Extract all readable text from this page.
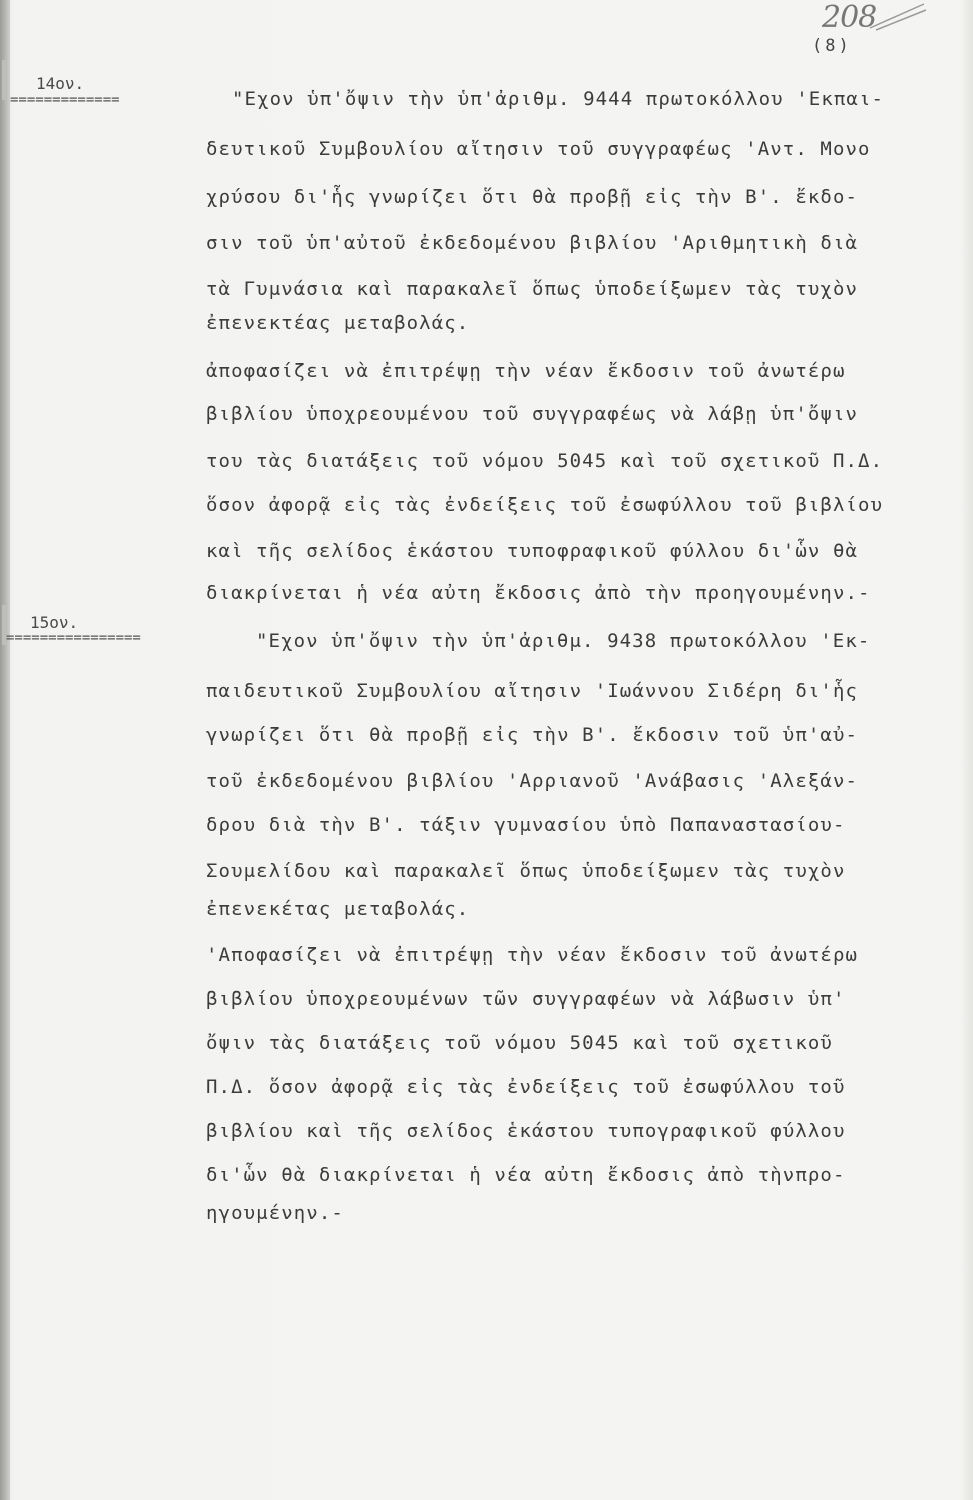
208
(8)
14ον.
=============	"Εχον ὑπ'ὄψιν τὴν ὑπ'ἀριθμ. 9444 πρωτοκόλλου 'Εκπαι-
δευτικοῦ Συμβουλίου αἴτησιν τοῦ συγγραφέως 'Αντ. Μονο
χρύσου δι'ἧς γνωρίζει ὅτι θὰ προβῇ εἰς τὴν Β'. ἔκδο-
σιν τοῦ ὑπ'αὐτοῦ ἐκδεδομένου βιβλίου 'Αριθμητικὴ διὰ
τὰ Γυμνάσια καὶ παρακαλεῖ ὅπως ὑποδείξωμεν τὰς τυχὸν
ἐπενεκτέας μεταβολάς.
ἀποφασίζει νὰ ἐπιτρέψῃ τὴν νέαν ἔκδοσιν τοῦ ἀνωτέρω
βιβλίου ὑποχρεουμένου τοῦ συγγραφέως νὰ λάβῃ ὑπ'ὄψιν
του τὰς διατάξεις τοῦ νόμου 5045 καὶ τοῦ σχετικοῦ Π.Δ.
ὅσον ἀφορᾷ εἰς τὰς ἐνδείξεις τοῦ ἐσωφύλλου τοῦ βιβλίου
καὶ τῆς σελίδος ἑκάστου τυποφραφικοῦ φύλλου δι'ὧν θὰ
διακρίνεται ἡ νέα αὐτη ἔκδοσις ἀπὸ τὴν προηγουμένην.-
15ον.
================	"Εχον ὑπ'ὄψιν τὴν ὑπ'ἀριθμ. 9438 πρωτοκόλλου 'Εκ-
παιδευτικοῦ Συμβουλίου αἴτησιν 'Ιωάννου Σιδέρη δι'ἧς
γνωρίζει ὅτι θὰ προβῇ εἰς τὴν Β'. ἔκδοσιν τοῦ ὑπ'αὐ-
τοῦ ἐκδεδομένου βιβλίου 'Αρριανοῦ 'Ανάβασις 'Αλεξάν-
δρου διὰ τὴν Β'. τάξιν γυμνασίου ὑπὸ Παπαναστασίου-
Σουμελίδου καὶ παρακαλεῖ ὅπως ὑποδείξωμεν τὰς τυχὸν
ἐπενεκέτας μεταβολάς.
'Αποφασίζει νὰ ἐπιτρέψῃ τὴν νέαν ἔκδοσιν τοῦ ἀνωτέρω
βιβλίου ὑποχρεουμένων τῶν συγγραφέων νὰ λάβωσιν ὑπ'
ὄψιν τὰς διατάξεις τοῦ νόμου 5045 καὶ τοῦ σχετικοῦ
Π.Δ. ὅσον ἀφορᾷ εἰς τὰς ἐνδείξεις τοῦ ἐσωφύλλου τοῦ
βιβλίου καὶ τῆς σελίδος ἑκάστου τυπογραφικοῦ φύλλου
δι'ὧν θὰ διακρίνεται ἡ νέα αὐτη ἔκδοσις ἀπὸ τὴνπρο-
ηγουμένην.-
